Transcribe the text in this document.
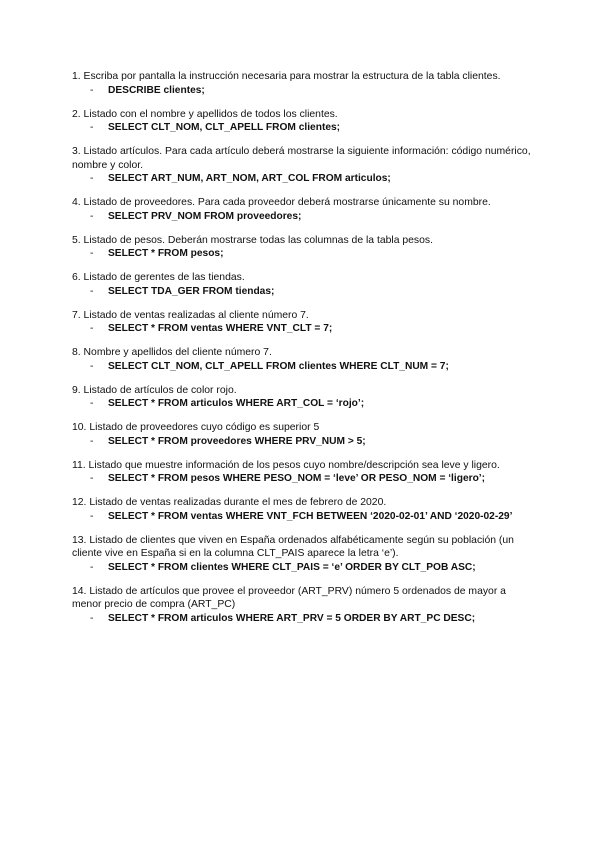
1. Escriba por pantalla la instrucción necesaria para mostrar la estructura de la tabla clientes.

- DESCRIBE clientes;

2. Listado con el nombre y apellidos de todos los clientes.

- SELECT CLT_NOM, CLT_APELL FROM clientes;

3. Listado artículos. Para cada artículo deberá mostrarse la siguiente información: código numérico, nombre y color.

- SELECT ART_NUM, ART_NOM, ART_COL FROM articulos;

4. Listado de proveedores. Para cada proveedor deberá mostrarse únicamente su nombre.

- SELECT PRV_NOM FROM proveedores;

5. Listado de pesos. Deberán mostrarse todas las columnas de la tabla pesos.

- SELECT * FROM pesos;

6. Listado de gerentes de las tiendas.

- SELECT TDA_GER FROM tiendas;

7. Listado de ventas realizadas al cliente número 7.

- SELECT * FROM ventas WHERE VNT_CLT = 7;

8. Nombre y apellidos del cliente número 7.

- SELECT CLT_NOM, CLT_APELL FROM clientes WHERE CLT_NUM = 7;

9. Listado de artículos de color rojo.

- SELECT * FROM articulos WHERE ART_COL = ‘rojo’;

10. Listado de proveedores cuyo código es superior 5

- SELECT * FROM proveedores WHERE PRV_NUM > 5;

11. Listado que muestre información de los pesos cuyo nombre/descripción sea leve y ligero.

- SELECT * FROM pesos WHERE PESO_NOM = ‘leve’ OR PESO_NOM = ‘ligero’;

12. Listado de ventas realizadas durante el mes de febrero de 2020.

- SELECT * FROM ventas WHERE VNT_FCH BETWEEN ‘2020-02-01’ AND ‘2020-02-29’

13. Listado de clientes que viven en España ordenados alfabéticamente según su población (un cliente vive en España si en la columna CLT_PAIS aparece la letra ‘e’).

- SELECT * FROM clientes WHERE CLT_PAIS = ‘e’ ORDER BY CLT_POB ASC;

14. Listado de artículos que provee el proveedor (ART_PRV) número 5 ordenados de mayor a menor precio de compra (ART_PC)

- SELECT * FROM articulos WHERE ART_PRV = 5 ORDER BY ART_PC DESC;
